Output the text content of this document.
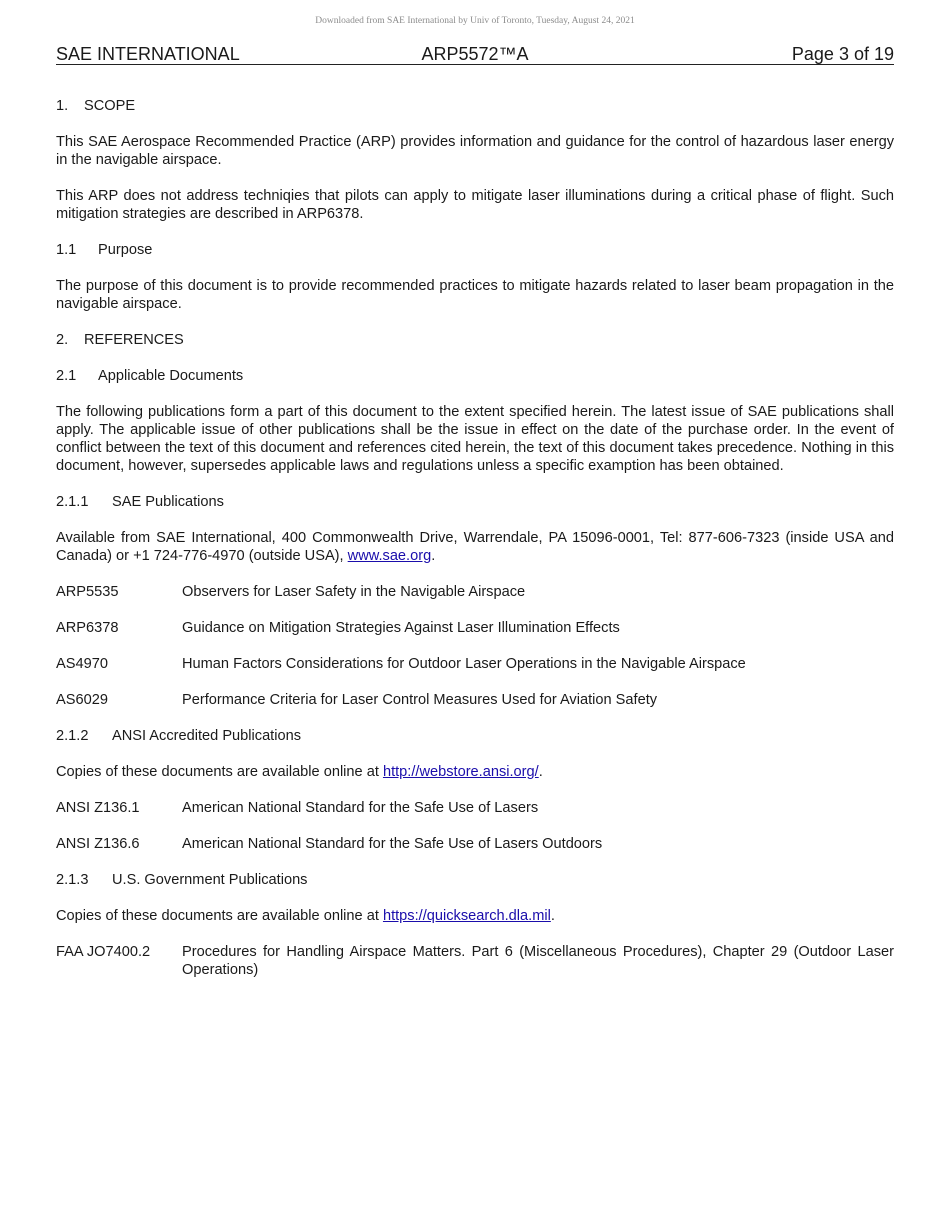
Downloaded from SAE International by Univ of Toronto, Tuesday, August 24, 2021
SAE INTERNATIONAL	ARP5572™A	Page 3 of 19
1. SCOPE

This SAE Aerospace Recommended Practice (ARP) provides information and guidance for the control of hazardous laser energy in the navigable airspace.

This ARP does not address techniqies that pilots can apply to mitigate laser illuminations during a critical phase of flight. Such mitigation strategies are described in ARP6378.

1.1 Purpose

The purpose of this document is to provide recommended practices to mitigate hazards related to laser beam propagation in the navigable airspace.

2. REFERENCES
2.1 Applicable Documents

The following publications form a part of this document to the extent specified herein. The latest issue of SAE publications shall apply. The applicable issue of other publications shall be the issue in effect on the date of the purchase order. In the event of conflict between the text of this document and references cited herein, the text of this document takes precedence. Nothing in this document, however, supersedes applicable laws and regulations unless a specific examption has been obtained.

2.1.1 SAE Publications

Available from SAE International, 400 Commonwealth Drive, Warrendale, PA 15096-0001, Tel: 877-606-7323 (inside USA and Canada) or +1 724-776-4970 (outside USA), www.sae.org.

ARP5535	Observers for Laser Safety in the Navigable Airspace
ARP6378	Guidance on Mitigation Strategies Against Laser Illumination Effects
AS4970	Human Factors Considerations for Outdoor Laser Operations in the Navigable Airspace
AS6029	Performance Criteria for Laser Control Measures Used for Aviation Safety
2.1.2 ANSI Accredited Publications

Copies of these documents are available online at http://webstore.ansi.org/.

ANSI Z136.1	American National Standard for the Safe Use of Lasers
ANSI Z136.6	American National Standard for the Safe Use of Lasers Outdoors
2.1.3 U.S. Government Publications

Copies of these documents are available online at https://quicksearch.dla.mil.

FAA JO7400.2	Procedures for Handling Airspace Matters. Part 6 (Miscellaneous Procedures), Chapter 29 (Outdoor Laser Operations)
